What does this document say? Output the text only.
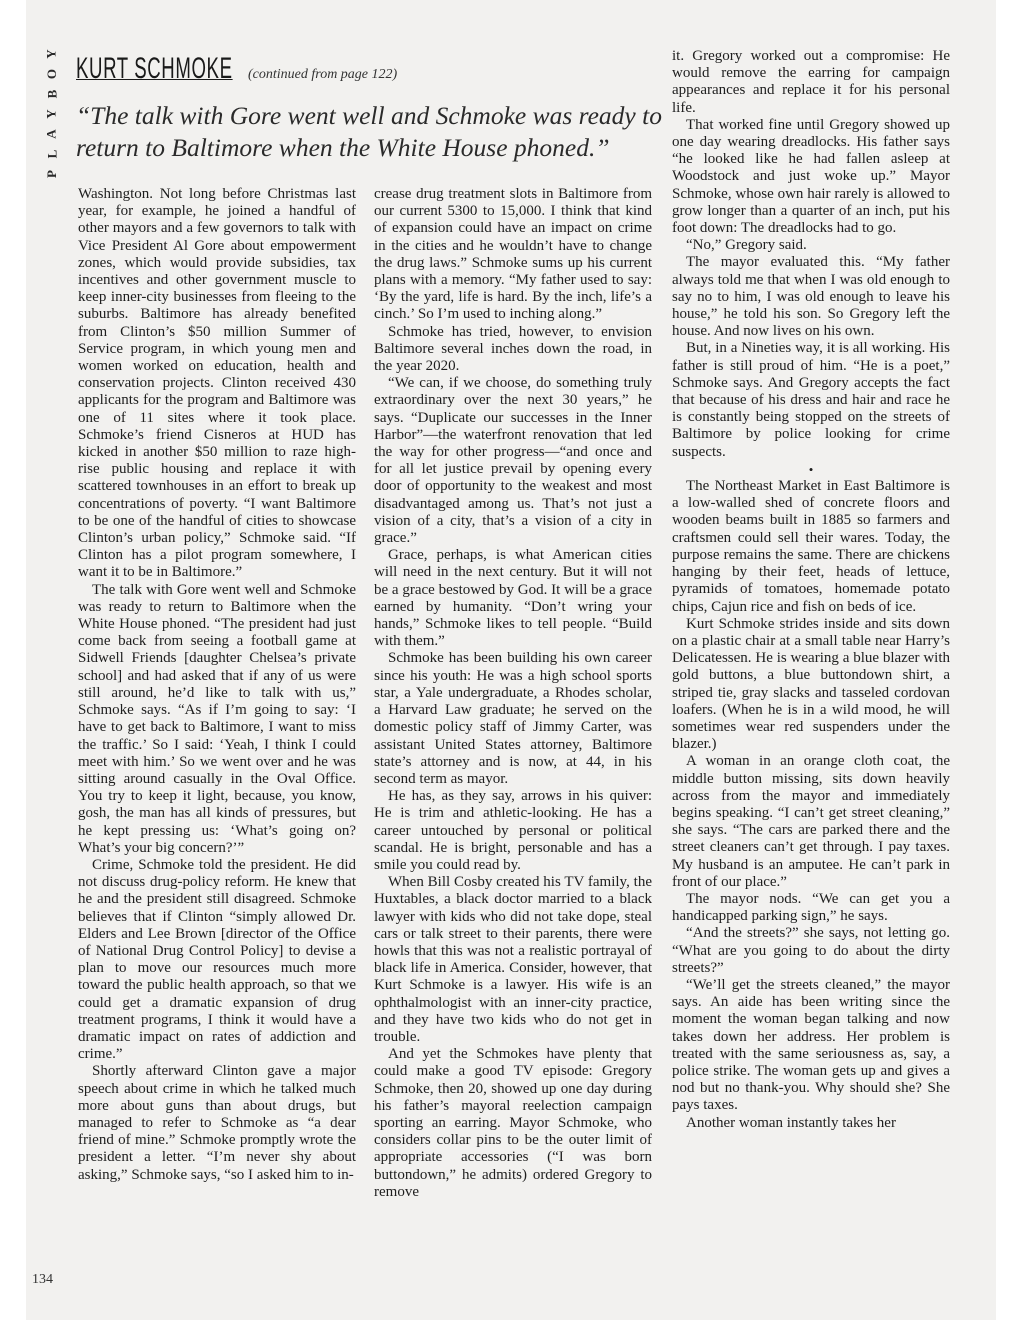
Y
O
B
Y
A
L
P
KURT SCHMOKE (continued from page 122)
“The talk with Gore went well and Schmoke was ready to return to Baltimore when the White House phoned.”

Washington. Not long before Christmas last year, for example, he joined a handful of other mayors and a few governors to talk with Vice President Al Gore about empowerment zones, which would provide subsidies, tax incentives and other government muscle to keep inner-city businesses from fleeing to the suburbs. Baltimore has already benefited from Clinton’s $50 million Summer of Service program, in which young men and women worked on education, health and conservation projects. Clinton received 430 applicants for the program and Baltimore was one of 11 sites where it took place. Schmoke’s friend Cisneros at HUD has kicked in another $50 million to raze high-rise public housing and replace it with scattered townhouses in an effort to break up concentrations of poverty. “I want Baltimore to be one of the handful of cities to showcase Clinton’s urban policy,” Schmoke said. “If Clinton has a pilot program somewhere, I want it to be in Baltimore.”

The talk with Gore went well and Schmoke was ready to return to Baltimore when the White House phoned. “The president had just come back from seeing a football game at Sidwell Friends [daughter Chelsea’s private school] and had asked that if any of us were still around, he’d like to talk with us,” Schmoke says. “As if I’m going to say: ‘I have to get back to Baltimore, I want to miss the traffic.’ So I said: ‘Yeah, I think I could meet with him.’ So we went over and he was sitting around casually in the Oval Office. You try to keep it light, because, you know, gosh, the man has all kinds of pressures, but he kept pressing us: ‘What’s going on? What’s your big concern?’”

Crime, Schmoke told the president. He did not discuss drug-policy reform. He knew that he and the president still disagreed. Schmoke believes that if Clinton “simply allowed Dr. Elders and Lee Brown [director of the Office of National Drug Control Policy] to devise a plan to move our resources much more toward the public health approach, so that we could get a dramatic expansion of drug treatment programs, I think it would have a dramatic impact on rates of addiction and crime.”

Shortly afterward Clinton gave a major speech about crime in which he talked much more about guns than about drugs, but managed to refer to Schmoke as “a dear friend of mine.” Schmoke promptly wrote the president a letter. “I’m never shy about asking,” Schmoke says, “so I asked him to in-

crease drug treatment slots in Baltimore from our current 5300 to 15,000. I think that kind of expansion could have an impact on crime in the cities and he wouldn’t have to change the drug laws.” Schmoke sums up his current plans with a memory. “My father used to say: ‘By the yard, life is hard. By the inch, life’s a cinch.’ So I’m used to inching along.”

Schmoke has tried, however, to envision Baltimore several inches down the road, in the year 2020.

“We can, if we choose, do something truly extraordinary over the next 30 years,” he says. “Duplicate our successes in the Inner Harbor”—the waterfront renovation that led the way for other progress—“and once and for all let justice prevail by opening every door of opportunity to the weakest and most disadvantaged among us. That’s not just a vision of a city, that’s a vision of a city in grace.”

Grace, perhaps, is what American cities will need in the next century. But it will not be a grace bestowed by God. It will be a grace earned by humanity. “Don’t wring your hands,” Schmoke likes to tell people. “Build with them.”

Schmoke has been building his own career since his youth: He was a high school sports star, a Yale undergraduate, a Rhodes scholar, a Harvard Law graduate; he served on the domestic policy staff of Jimmy Carter, was assistant United States attorney, Baltimore state’s attorney and is now, at 44, in his second term as mayor.

He has, as they say, arrows in his quiver: He is trim and athletic-looking. He has a career untouched by personal or political scandal. He is bright, personable and has a smile you could read by.

When Bill Cosby created his TV family, the Huxtables, a black doctor married to a black lawyer with kids who did not take dope, steal cars or talk street to their parents, there were howls that this was not a realistic portrayal of black life in America. Consider, however, that Kurt Schmoke is a lawyer. His wife is an ophthalmologist with an inner-city practice, and they have two kids who do not get in trouble.

And yet the Schmokes have plenty that could make a good TV episode: Gregory Schmoke, then 20, showed up one day during his father’s mayoral reelection campaign sporting an earring. Mayor Schmoke, who considers collar pins to be the outer limit of appropriate accessories (“I was born buttondown,” he admits) ordered Gregory to remove

it. Gregory worked out a compromise: He would remove the earring for campaign appearances and replace it for his personal life.

That worked fine until Gregory showed up one day wearing dreadlocks. His father says “he looked like he had fallen asleep at Woodstock and just woke up.” Mayor Schmoke, whose own hair rarely is allowed to grow longer than a quarter of an inch, put his foot down: The dreadlocks had to go.

“No,” Gregory said.

The mayor evaluated this. “My father always told me that when I was old enough to say no to him, I was old enough to leave his house,” he told his son. So Gregory left the house. And now lives on his own.

But, in a Nineties way, it is all working. His father is still proud of him. “He is a poet,” Schmoke says. And Gregory accepts the fact that because of his dress and hair and race he is constantly being stopped on the streets of Baltimore by police looking for crime suspects.

•

The Northeast Market in East Baltimore is a low-walled shed of concrete floors and wooden beams built in 1885 so farmers and craftsmen could sell their wares. Today, the purpose remains the same. There are chickens hanging by their feet, heads of lettuce, pyramids of tomatoes, homemade potato chips, Cajun rice and fish on beds of ice.

Kurt Schmoke strides inside and sits down on a plastic chair at a small table near Harry’s Delicatessen. He is wearing a blue blazer with gold buttons, a blue buttondown shirt, a striped tie, gray slacks and tasseled cordovan loafers. (When he is in a wild mood, he will sometimes wear red suspenders under the blazer.)

A woman in an orange cloth coat, the middle button missing, sits down heavily across from the mayor and immediately begins speaking. “I can’t get street cleaning,” she says. “The cars are parked there and the street cleaners can’t get through. I pay taxes. My husband is an amputee. He can’t park in front of our place.”

The mayor nods. “We can get you a handicapped parking sign,” he says.

“And the streets?” she says, not letting go. “What are you going to do about the dirty streets?”

“We’ll get the streets cleaned,” the mayor says. An aide has been writing since the moment the woman began talking and now takes down her address. Her problem is treated with the same seriousness as, say, a police strike. The woman gets up and gives a nod but no thank-you. Why should she? She pays taxes.

Another woman instantly takes her

134
